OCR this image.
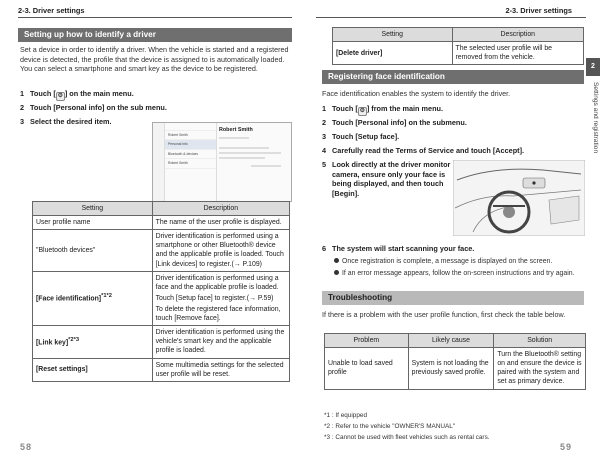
2-3. Driver settings
Setting up how to identify a driver
Set a device in order to identify a driver. When the vehicle is started and a registered device is detected, the profile that the device is assigned to is automatically loaded. You can select a smartphone and smart key as the device to be registered.
1 Touch [ ⚙ ] on the main menu.
2 Touch [Personal info] on the sub menu.
3 Select the desired item.
Robert Smith
Personal info
Bluetooth & devices
Robert Smith
Robert Smith
Setting	Description
User profile name	The name of the user profile is displayed.
"Bluetooth devices"	Driver identification is performed using a smartphone or other Bluetooth® device and the applicable profile is loaded. Touch [Link devices] to register.(→ P.109)
[Face identification]$^{*1*2}$	Driver identification is performed using a face and the applicable profile is loaded.
Touch [Setup face] to register.(→ P.59)
To delete the registered face information, touch [Remove face].

[Link key]$^{*2*3}$	Driver identification is performed using the vehicle's smart key and the applicable profile is loaded.
[Reset settings]	Some multimedia settings for the selected user profile will be reset.
58
2-3. Driver settings
Setting	Description
[Delete driver]	The selected user profile will be removed from the vehicle.
Registering face identification
Face identification enables the system to identify the driver.
1 Touch [ ⚙ ] from the main menu.
2 Touch [Personal info] on the submenu.
3 Touch [Setup face].
4 Carefully read the Terms of Service and touch [Accept].
5 Look directly at the driver monitor camera, ensure only your face is being displayed, and then touch [Begin].
6 The system will start scanning your face.
Once registration is complete, a message is displayed on the screen.
If an error message appears, follow the on-screen instructions and try again.
Troubleshooting
If there is a problem with the user profile function, first check the table below.
Problem	Likely cause	Solution
Unable to load saved profile	System is not loading the previously saved profile.	Turn the Bluetooth® setting on and ensure the device is paired with the system and set as primary device.
*1 : If equipped
*2 : Refer to the vehicle "OWNER'S MANUAL"
*3 : Cannot be used with fleet vehicles such as rental cars.
2
Settings and registration
59
